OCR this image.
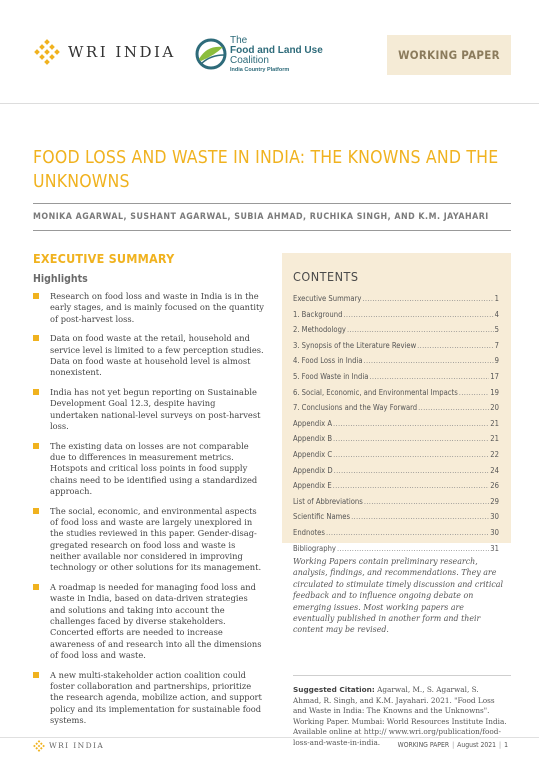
WRI INDIA
The
Food and Land Use
Coalition
India Country Platform
WORKING PAPER
FOOD LOSS AND WASTE IN INDIA: THE KNOWNS AND THE UNKNOWNS
MONIKA AGARWAL, SUSHANT AGARWAL, SUBIA AHMAD, RUCHIKA SINGH, AND K.M. JAYAHARI
EXECUTIVE SUMMARY
Highlights
Research on food loss and waste in India is in the early stages, and is mainly focused on the quantity of post-harvest loss.
Data on food waste at the retail, household and service level is limited to a few perception studies. Data on food waste at household level is almost nonexistent.
India has not yet begun reporting on Sustainable Development Goal 12.3, despite having undertaken national-level surveys on post-harvest loss.
The existing data on losses are not comparable due to differences in measurement metrics. Hotspots and critical loss points in food supply chains need to be identified using a standardized approach.
The social, economic, and environmental aspects of food loss and waste are largely unexplored in the studies reviewed in this paper. Gender-disag-gregated research on food loss and waste is neither available nor considered in improving technology or other solutions for its management.
A roadmap is needed for managing food loss and waste in India, based on data-driven strategies and solutions and taking into account the challenges faced by diverse stakeholders. Concerted efforts are needed to increase awareness of and research into all the dimensions of food loss and waste.
A new multi-stakeholder action coalition could foster collaboration and partnerships, prioritize the research agenda, mobilize action, and support policy and its implementation for sustainable food systems.
CONTENTS
Executive Summary .....	1
1. Background .....	4
2. Methodology .....	5
3. Synopsis of the Literature Review .....	7
4. Food Loss in India .....	9
5. Food Waste in India .....	17
6. Social, Economic, and Environmental Impacts .....	19
7. Conclusions and the Way Forward .....	20
Appendix A .....	21
Appendix B .....	21
Appendix C .....	22
Appendix D .....	24
Appendix E .....	26
List of Abbreviations .....	29
Scientific Names .....	30
Endnotes .....	30
Bibliography .....	31
Working Papers contain preliminary research, analysis, findings, and recommendations. They are circulated to stimulate timely discussion and critical feedback and to influence ongoing debate on emerging issues. Most working papers are eventually published in another form and their content may be revised.
Suggested Citation: Agarwal, M., S. Agarwal, S. Ahmad, R. Singh, and K.M. Jayahari. 2021. "Food Loss and Waste in India: The Knowns and the Unknowns". Working Paper. Mumbai: World Resources Institute India. Available online at http:// www.wri.org/publication/food-loss-and-waste-in-india.
WRI INDIA	WORKING PAPER | August 2021 | 1
